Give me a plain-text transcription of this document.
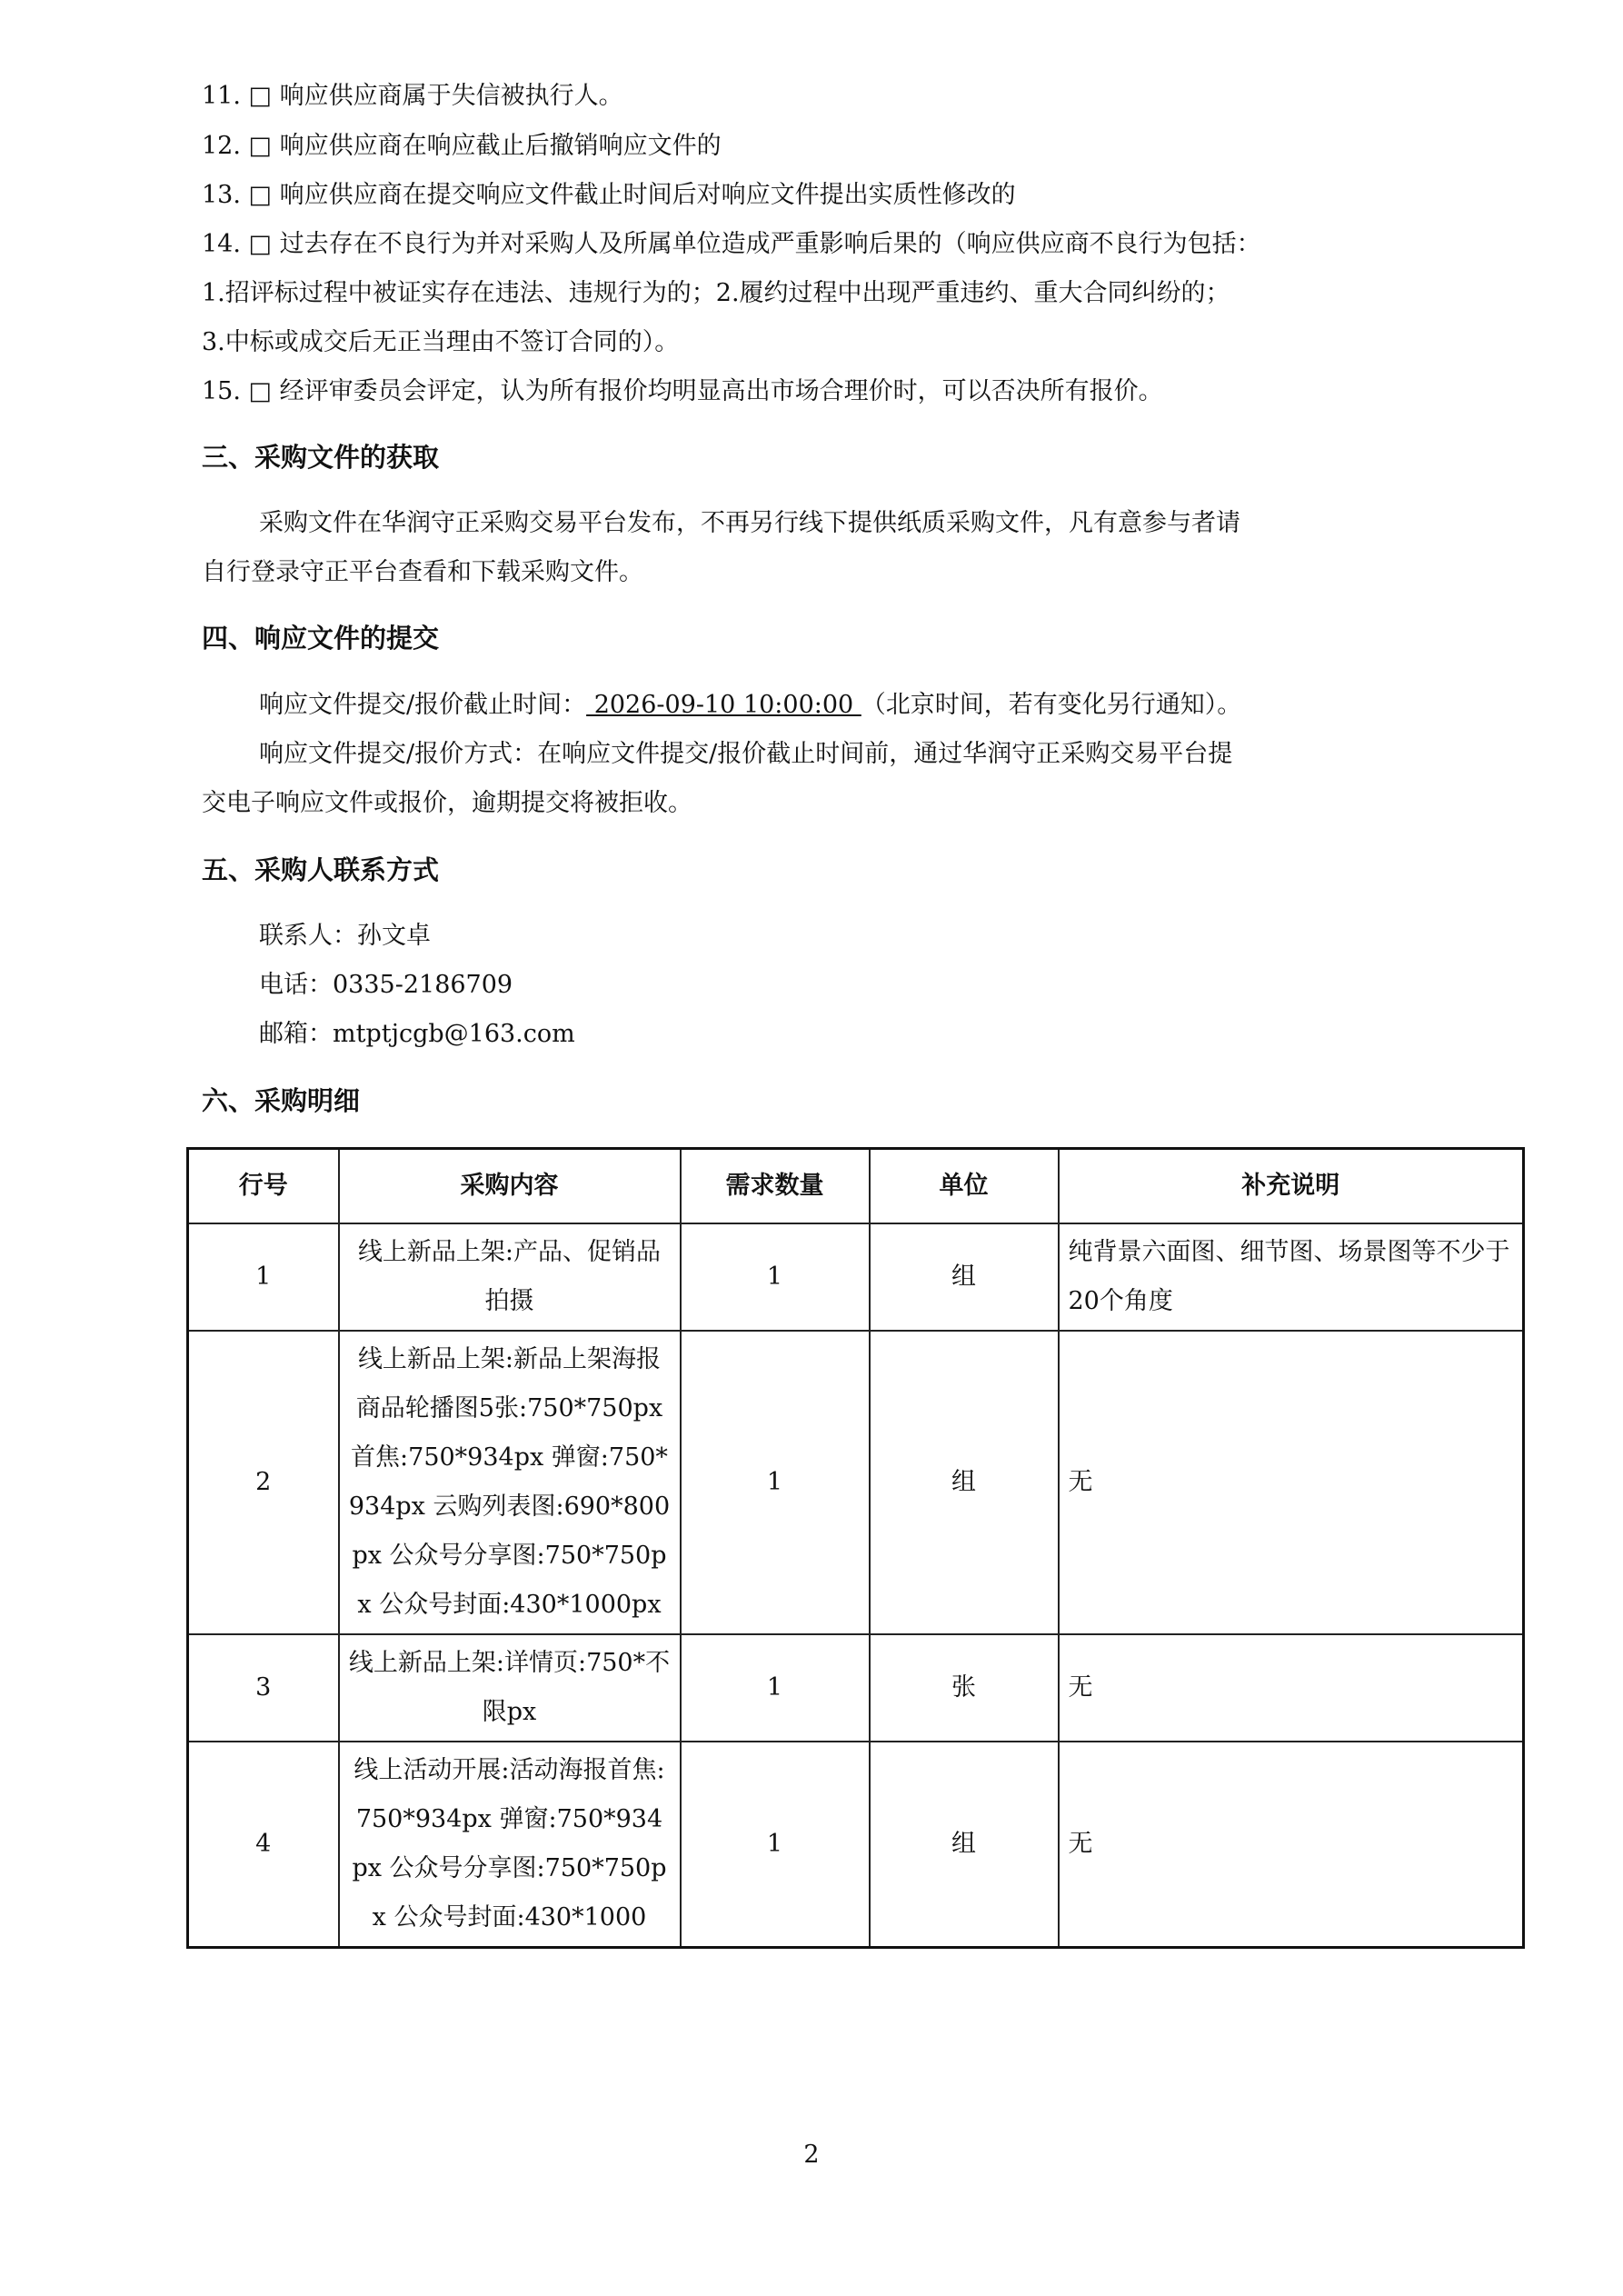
11. □ 响应供应商属于失信被执行人。
12. □ 响应供应商在响应截止后撤销响应文件的
13. □ 响应供应商在提交响应文件截止时间后对响应文件提出实质性修改的
14. □ 过去存在不良行为并对采购人及所属单位造成严重影响后果的（响应供应商不良行为包括：
1.招评标过程中被证实存在违法、违规行为的；2.履约过程中出现严重违约、重大合同纠纷的；
3.中标或成交后无正当理由不签订合同的）。
15. □ 经评审委员会评定，认为所有报价均明显高出市场合理价时，可以否决所有报价。
三、采购文件的获取
采购文件在华润守正采购交易平台发布，不再另行线下提供纸质采购文件，凡有意参与者请
自行登录守正平台查看和下载采购文件。
四、响应文件的提交
响应文件提交/报价截止时间： 2026-09-10 10:00:00 （北京时间，若有变化另行通知）。
响应文件提交/报价方式：在响应文件提交/报价截止时间前，通过华润守正采购交易平台提
交电子响应文件或报价，逾期提交将被拒收。
五、采购人联系方式
联系人：孙文卓
电话：0335-2186709
邮箱：mtptjcgb@163.com
六、采购明细
行号	采购内容	需求数量	单位	补充说明
1	线上新品上架:产品、促销品拍摄	1	组	纯背景六面图、细节图、场景图等不少于20个角度
2	线上新品上架:新品上架海报 商品轮播图5张:750*750px 首焦:750*934px 弹窗:750*934px 云购列表图:690*800px 公众号分享图:750*750px 公众号封面:430*1000px	1	组	无
3	线上新品上架:详情页:750*不限px	1	张	无
4	线上活动开展:活动海报首焦:750*934px 弹窗:750*934px 公众号分享图:750*750px 公众号封面:430*1000	1	组	无
2
